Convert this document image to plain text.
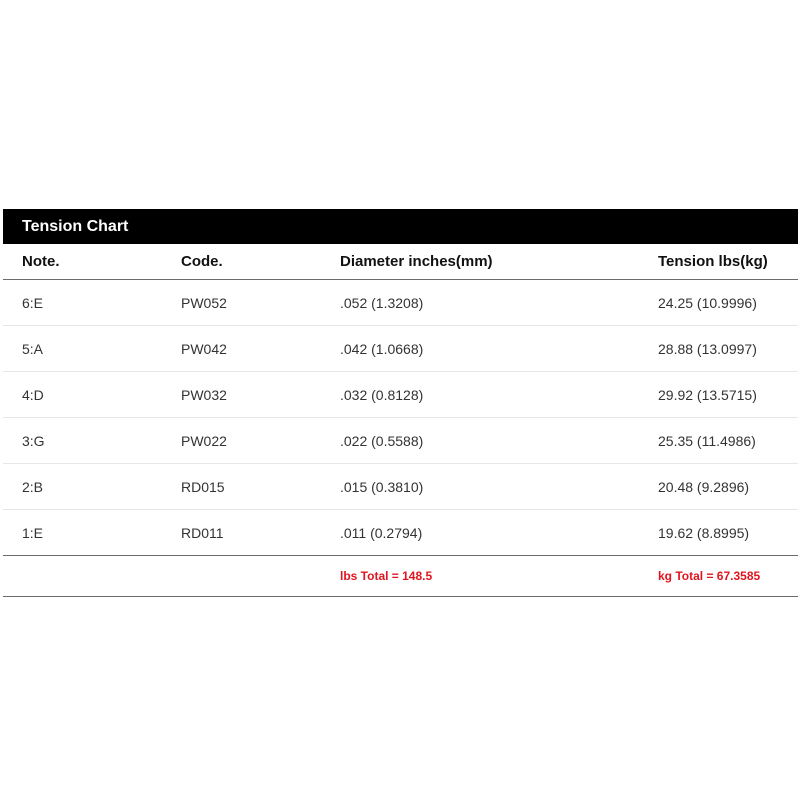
Tension Chart
Note.	Code.	Diameter inches(mm)	Tension lbs(kg)
6:E	PW052	.052 (1.3208)	24.25 (10.9996)
5:A	PW042	.042 (1.0668)	28.88 (13.0997)
4:D	PW032	.032 (0.8128)	29.92 (13.5715)
3:G	PW022	.022 (0.5588)	25.35 (11.4986)
2:B	RD015	.015 (0.3810)	20.48 (9.2896)
1:E	RD011	.011 (0.2794)	19.62 (8.8995)
		lbs Total = 148.5	kg Total = 67.3585
